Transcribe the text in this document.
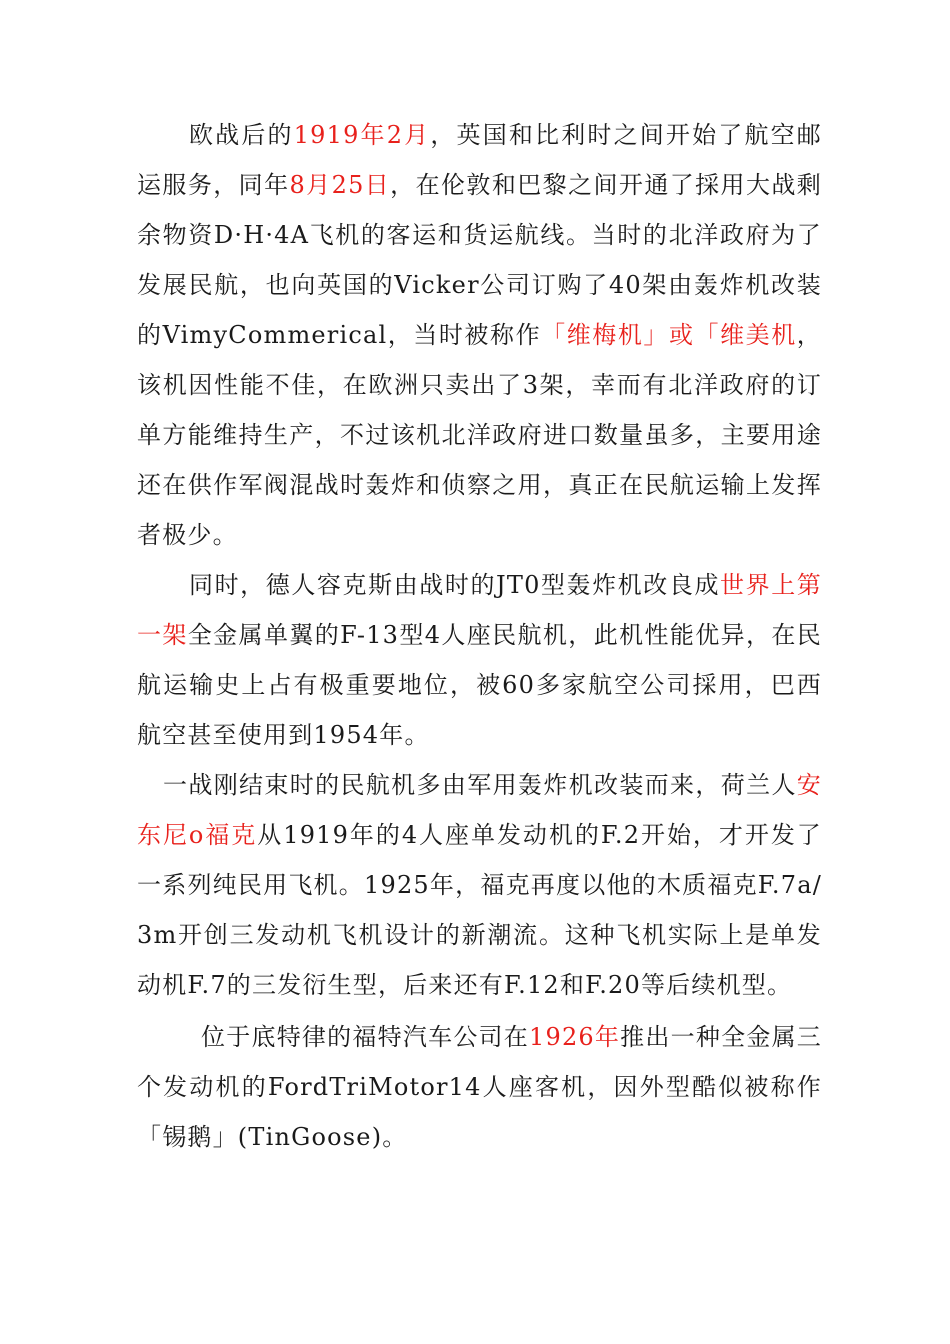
欧战后的1919年2月，英国和比利时之间开始了航空邮运服务，同年8月25日，在伦敦和巴黎之间开通了採用大战剩余物资D·H·4A飞机的客运和货运航线。当时的北洋政府为了发展民航，也向英国的Vicker公司订购了40架由轰炸机改装的VimyCommerical，当时被称作「维梅机」或「维美机，该机因性能不佳，在欧洲只卖出了3架，幸而有北洋政府的订单方能维持生产，不过该机北洋政府进口数量虽多，主要用途还在供作军阀混战时轰炸和侦察之用，真正在民航运输上发挥者极少。

同时，德人容克斯由战时的JT0型轰炸机改良成世界上第一架全金属单翼的F-13型4人座民航机，此机性能优异，在民航运输史上占有极重要地位，被60多家航空公司採用，巴西航空甚至使用到1954年。

一战刚结束时的民航机多由军用轰炸机改装而来，荷兰人安东尼o福克从1919年的4人座单发动机的F.2开始，才开发了一系列纯民用飞机。1925年，福克再度以他的木质福克F.7a/3m开创三发动机飞机设计的新潮流。这种飞机实际上是单发动机F.7的三发衍生型，后来还有F.12和F.20等后续机型。

位于底特律的福特汽车公司在1926年推出一种全金属三个发动机的FordTriMotor14人座客机，因外型酷似被称作「锡鹅」(TinGoose)。
